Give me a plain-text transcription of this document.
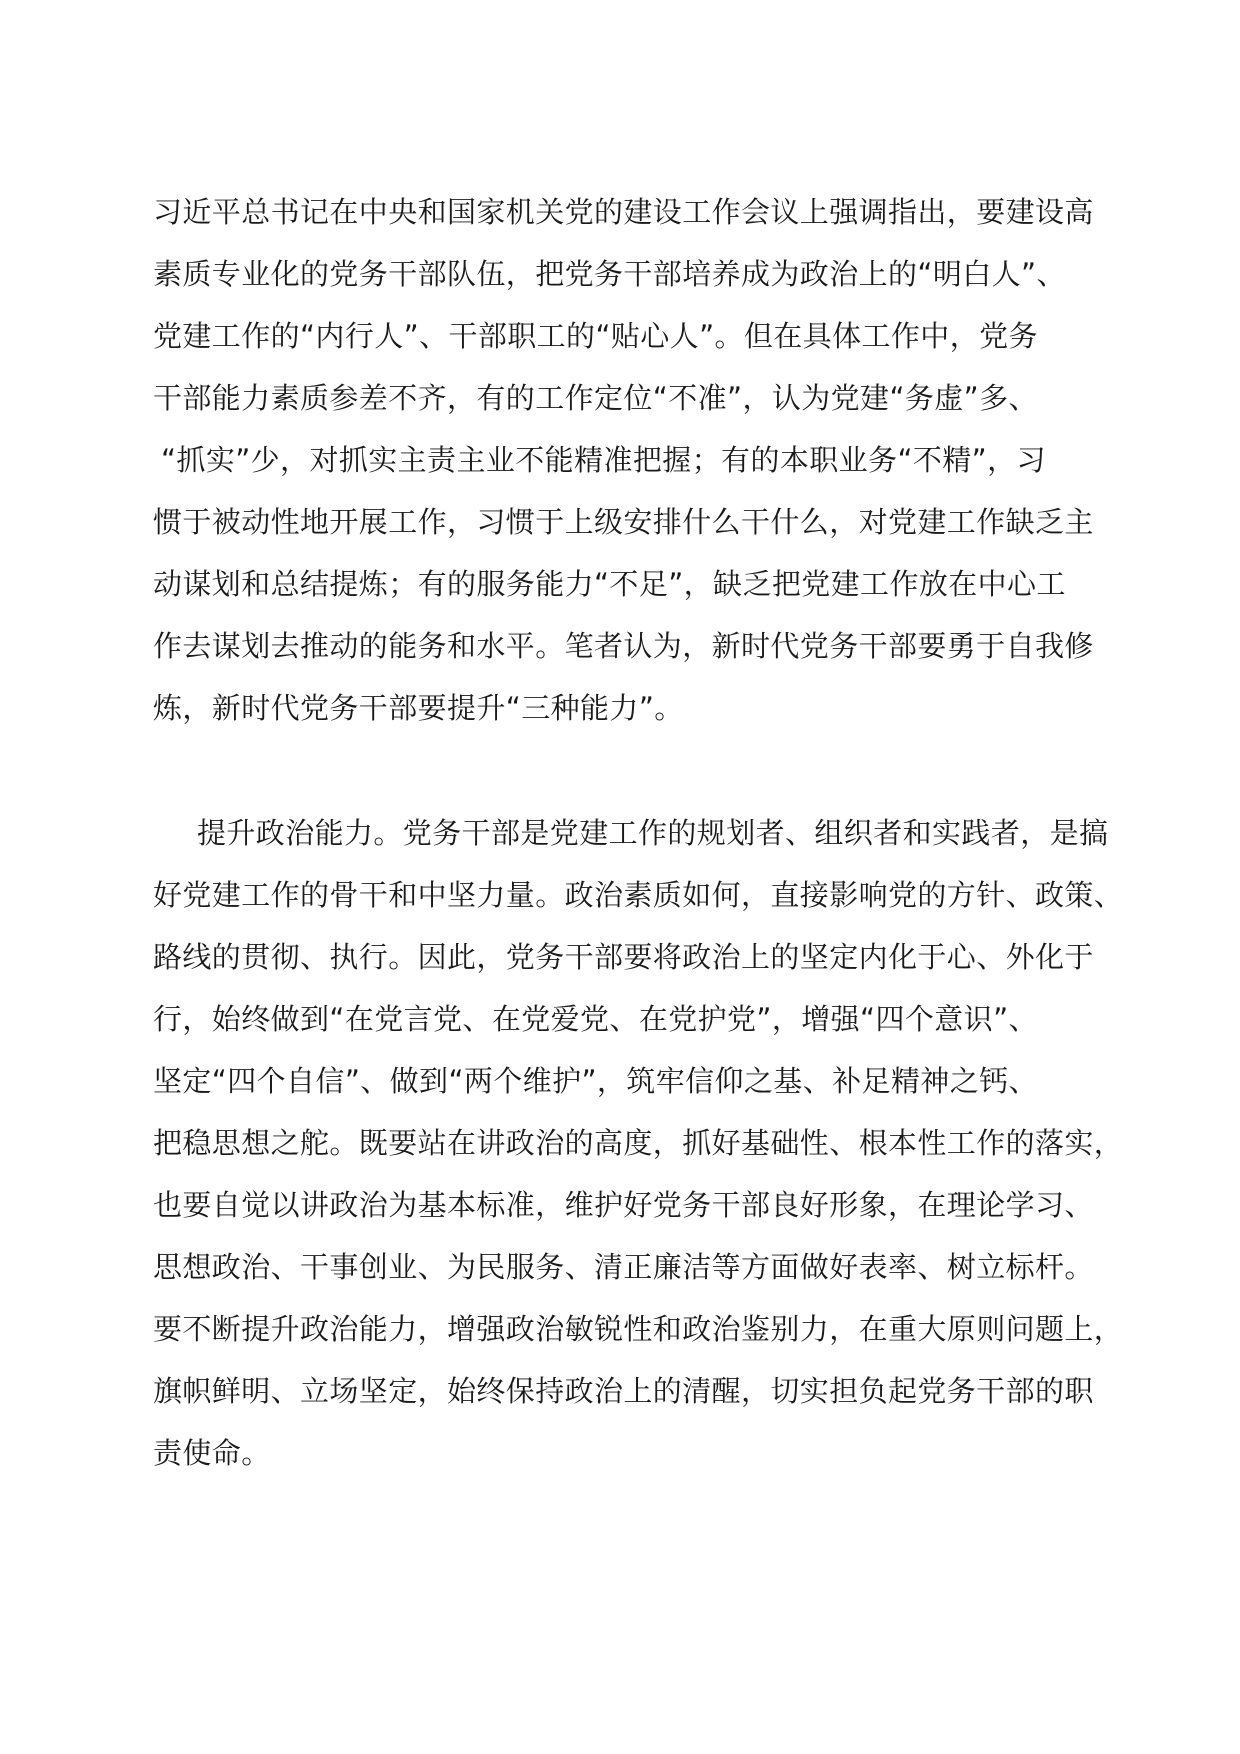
习近平总书记在中央和国家机关党的建设工作会议上强调指出，要建设高
素质专业化的党务干部队伍，把党务干部培养成为政治上的“明白人”、
党建工作的“内行人”、干部职工的“贴心人”。但在具体工作中，党务
干部能力素质参差不齐，有的工作定位“不准”，认为党建“务虚”多、
“抓实”少，对抓实主责主业不能精准把握；有的本职业务“不精”，习
惯于被动性地开展工作，习惯于上级安排什么干什么，对党建工作缺乏主
动谋划和总结提炼；有的服务能力“不足”，缺乏把党建工作放在中心工
作去谋划去推动的能务和水平。笔者认为，新时代党务干部要勇于自我修
炼，新时代党务干部要提升“三种能力”。
提升政治能力。党务干部是党建工作的规划者、组织者和实践者，是搞
好党建工作的骨干和中坚力量。政治素质如何，直接影响党的方针、政策、
路线的贯彻、执行。因此，党务干部要将政治上的坚定内化于心、外化于
行，始终做到“在党言党、在党爱党、在党护党”，增强“四个意识”、
坚定“四个自信”、做到“两个维护”，筑牢信仰之基、补足精神之钙、
把稳思想之舵。既要站在讲政治的高度，抓好基础性、根本性工作的落实，
也要自觉以讲政治为基本标准，维护好党务干部良好形象，在理论学习、
思想政治、干事创业、为民服务、清正廉洁等方面做好表率、树立标杆。
要不断提升政治能力，增强政治敏锐性和政治鉴别力，在重大原则问题上，
旗帜鲜明、立场坚定，始终保持政治上的清醒，切实担负起党务干部的职
责使命。
